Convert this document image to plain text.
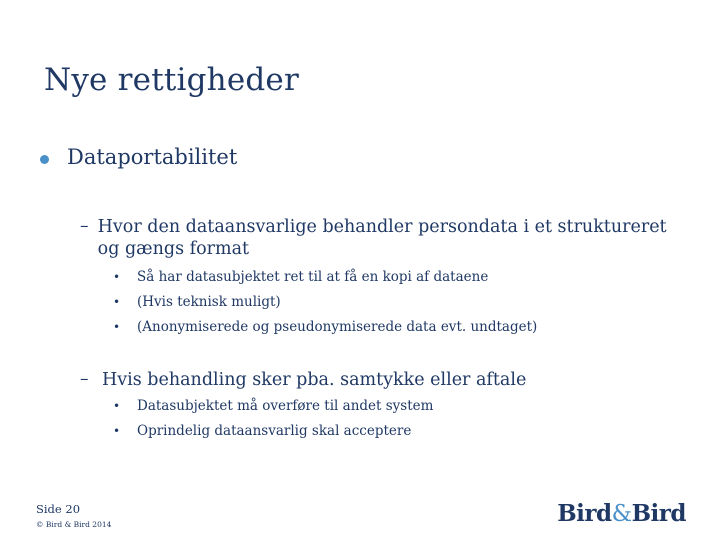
Nye rettigheder
Dataportabilitet
– Hvor den dataansvarlige behandler persondata i et struktureret og gængs format
•	Så har datasubjektet ret til at få en kopi af dataene
•	(Hvis teknisk muligt)
•	(Anonymiserede og pseudonymiserede data evt. undtaget)
– Hvis behandling sker pba. samtykke eller aftale
•	Datasubjektet må overføre til andet system
•	Oprindelig dataansvarlig skal acceptere
Side 20
© Bird & Bird 2014	Bird&Bird
